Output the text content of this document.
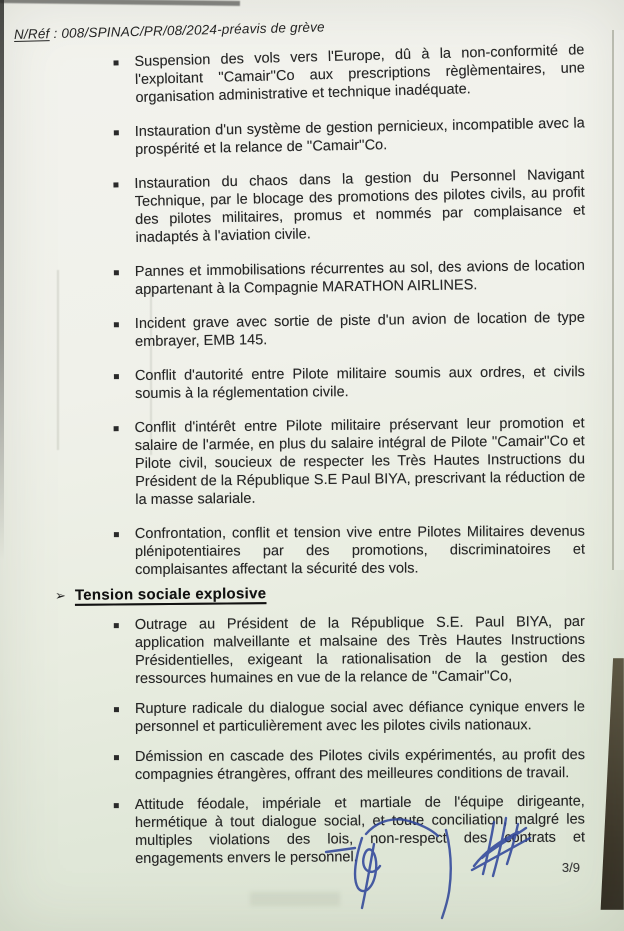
N/Réf : 008/SPINAC/PR/08/2024-préavis de grève
Suspension des vols vers l'Europe, dû à la non-conformité de l'exploitant ''Camair''Co aux prescriptions règlèmentaires, une organisation administrative et technique inadéquate.
Instauration d'un système de gestion pernicieux, incompatible avec la prospérité et la relance de ''Camair''Co.
Instauration du chaos dans la gestion du Personnel Navigant Technique, par le blocage des promotions des pilotes civils, au profit des pilotes militaires, promus et nommés par complaisance et inadaptés à l'aviation civile.
Pannes et immobilisations récurrentes au sol, des avions de location appartenant à la Compagnie MARATHON AIRLINES.
Incident grave avec sortie de piste d'un avion de location de type embrayer, EMB 145.
Conflit d'autorité entre Pilote militaire soumis aux ordres, et civils soumis à la réglementation civile.
Conflit d'intérêt entre Pilote militaire préservant leur promotion et salaire de l'armée, en plus du salaire intégral de Pilote ''Camair''Co et Pilote civil, soucieux de respecter les Très Hautes Instructions du Président de la République S.E Paul BIYA, prescrivant la réduction de la masse salariale.
Confrontation, conflit et tension vive entre Pilotes Militaires devenus plénipotentiaires par des promotions, discriminatoires et complaisantes affectant la sécurité des vols.
➢ Tension sociale explosive
Outrage au Président de la République S.E. Paul BIYA, par application malveillante et malsaine des Très Hautes Instructions Présidentielles, exigeant la rationalisation de la gestion des ressources humaines en vue de la relance de ''Camair''Co,
Rupture radicale du dialogue social avec défiance cynique envers le personnel et particulièrement avec les pilotes civils nationaux.
Démission en cascade des Pilotes civils expérimentés, au profit des compagnies étrangères, offrant des meilleures conditions de travail.
Attitude féodale, impériale et martiale de l'équipe dirigeante, hermétique à tout dialogue social, et toute conciliation, malgré les multiples violations des lois, non-respect des contrats et engagements envers le personnel.
3/9
